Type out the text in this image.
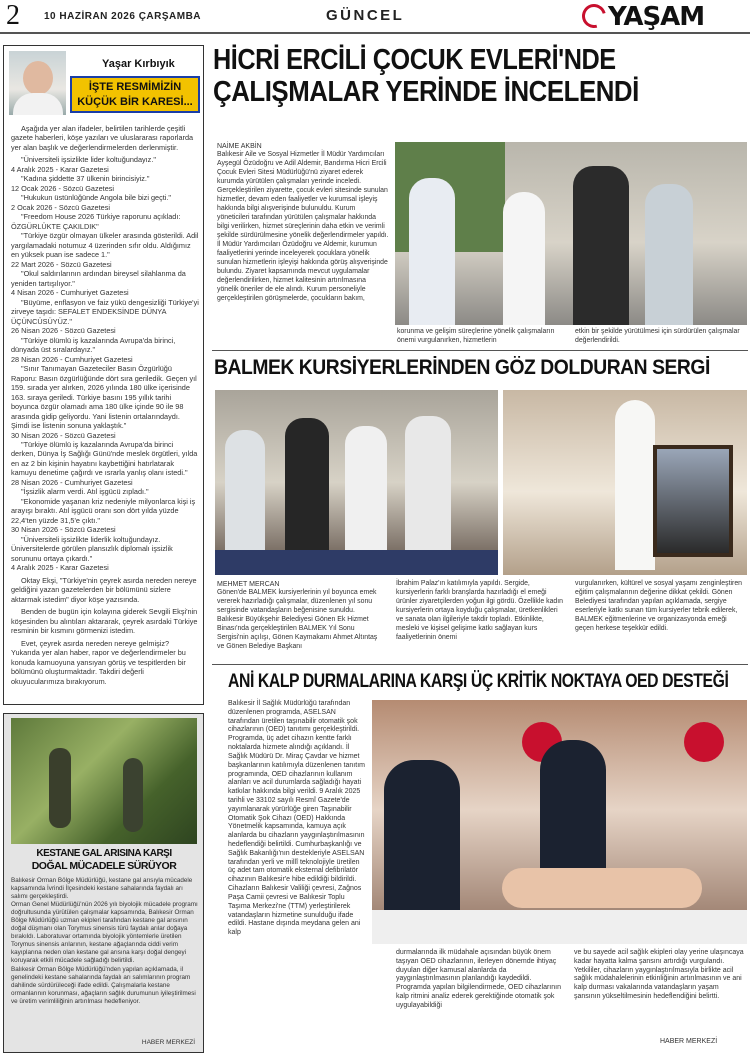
2 10 HAZİRAN 2026 ÇARŞAMBA	GÜNCEL	YAŞAM
Yaşar Kırbıyık
İŞTE RESMİMİZİN
KÜÇÜK BİR KARESİ...

Aşağıda yer alan ifadeler, belirtilen tarihlerde çeşitli gazete haberleri, köşe yazıları ve uluslararası raporlarda yer alan başlık ve değerlendirmelerden derlenmiştir.

"Üniversiteli işsizlikte lider koltuğundayız."

4 Aralık 2025 - Karar Gazetesi

"Kadına şiddette 37 ülkenin birincisiyiz."

12 Ocak 2026 - Sözcü Gazetesi

"Hukukun üstünlüğünde Angola bile bizi geçti."

2 Ocak 2026 - Sözcü Gazetesi

"Freedom House 2026 Türkiye raporunu açıkladı: ÖZGÜRLÜKTE ÇAKILDIK"

"Türkiye özgür olmayan ülkeler arasında gösterildi. Adil yargılamadaki notumuz 4 üzerinden sıfır oldu. Aldığımız en yüksek puan ise sadece 1."

22 Mart 2026 - Sözcü Gazetesi

"Okul saldırılarının ardından bireysel silahlanma da yeniden tartışılıyor."

4 Nisan 2026 - Cumhuriyet Gazetesi

"Büyüme, enflasyon ve faiz yükü dengesizliği Türkiye'yi zirveye taşıdı: SEFALET ENDEKSİNDE DÜNYA ÜÇÜNCÜSÜYÜZ."

26 Nisan 2026 - Sözcü Gazetesi

"Türkiye ölümlü iş kazalarında Avrupa'da birinci, dünyada üst sıralardayız."

28 Nisan 2026 - Cumhuriyet Gazetesi

"Sınır Tanımayan Gazeteciler Basın Özgürlüğü Raporu: Basın özgürlüğünde dört sıra geriledik. Geçen yıl 159. sırada yer alırken, 2026 yılında 180 ülke içerisinde 163. sıraya geriledi. Türkiye basını 195 yıllık tarihi boyunca özgür olamadı ama 180 ülke içinde 90 ile 98 arasında gidip geliyordu. Yani listenin ortalarındaydı. Şimdi ise listenin sonuna yaklaştık."

30 Nisan 2026 - Sözcü Gazetesi

"Türkiye ölümlü iş kazalarında Avrupa'da birinci derken, Dünya İş Sağlığı Günü'nde meslek örgütleri, yılda en az 2 bin kişinin hayatını kaybettiğini hatırlatarak kamuyu denetime çağırdı ve ısrarla yanlış olanı istedi."

28 Nisan 2026 - Cumhuriyet Gazetesi

"İşsizlik alarm verdi. Atıl işgücü zıpladı."

"Ekonomide yaşanan kriz nedeniyle milyonlarca kişi iş arayışı bıraktı. Atıl işgücü oranı son dört yılda yüzde 22,4'ten yüzde 31,5'e çıktı."

30 Nisan 2026 - Sözcü Gazetesi

"Üniversiteli işsizlikte liderlik koltuğundayız. Üniversitelerde görülen plansızlık diplomalı işsizlik sorununu ortaya çıkardı."

4 Aralık 2025 - Karar Gazetesi

Oktay Ekşi, "Türkiye'nin çeyrek asırda nereden nereye geldiğini yazan gazetelerden bir bölümünü sizlere aktarmak istedim" diyor köşe yazısında.

Benden de bugün için kolayına giderek Sevgili Ekşi'nin köşesinden bu alıntıları aktararak, çeyrek asırdaki Türkiye resminin bir kısmını görmenizi istedim.

Evet, çeyrek asırda nereden nereye gelmişiz? Yukarıda yer alan haber, rapor ve değerlendirmeler bu konuda kamuoyuna yansıyan görüş ve tespitlerden bir bölümünü oluşturmaktadır. Takdiri değerli okuyucularımıza bırakıyorum.

KESTANE GAL ARISINA KARŞI
DOĞAL MÜCADELE SÜRÜYOR

Balıkesir Orman Bölge Müdürlüğü, kestane gal arısıyla mücadele kapsamında İvrindi İlçesindeki kestane sahalarında faydalı arı salımı gerçekleştirdi.

Orman Genel Müdürlüğü'nün 2026 yılı biyolojik mücadele programı doğrultusunda yürütülen çalışmalar kapsamında, Balıkesir Orman Bölge Müdürlüğü uzman ekipleri tarafından kestane gal arısının doğal düşmanı olan Torymus sinensis türü faydalı arılar doğaya bırakıldı. Laboratuvar ortamında biyolojik yöntemlerle üretilen Torymus sinensis arılarının, kestane ağaçlarında ciddi verim kayıplarına neden olan kestane gal arısına karşı doğal dengeyi koruyarak etkili mücadele sağladığı belirtildi.

Balıkesir Orman Bölge Müdürlüğü'nden yapılan açıklamada, il genelindeki kestane sahalarında faydalı arı salımlarının program dahilinde sürdürüleceği ifade edildi. Çalışmalarla kestane ormanlarının korunması, ağaçların sağlık durumunun iyileştirilmesi ve üretim verimliliğinin artırılması hedefleniyor.

HABER MERKEZİ
HİCRİ ERCİLİ ÇOCUK EVLERİ'NDE
ÇALIŞMALAR YERİNDE İNCELENDİ

NAİME AKBİN

Balıkesir Aile ve Sosyal Hizmetler İl Müdür Yardımcıları Ayşegül Özüdoğru ve Adil Aldemir, Bandırma Hicri Ercili Çocuk Evleri Sitesi Müdürlüğü'nü ziyaret ederek kurumda yürütülen çalışmaları yerinde inceledi. Gerçekleştirilen ziyarette, çocuk evleri sitesinde sunulan hizmetler, devam eden faaliyetler ve kurumsal işleyiş hakkında bilgi alışverişinde bulunuldu. Kurum yöneticileri tarafından yürütülen çalışmalar hakkında bilgi verilirken, hizmet süreçlerinin daha etkin ve verimli şekilde sürdürülmesine yönelik değerlendirmeler yapıldı. İl Müdür Yardımcıları Özüdoğru ve Aldemir, kurumun faaliyetlerini yerinde inceleyerek çocuklara yönelik sunulan hizmetlerin işleyişi hakkında görüş alışverişinde bulundu. Ziyaret kapsamında mevcut uygulamalar değerlendirilirken, hizmet kalitesinin artırılmasına yönelik öneriler de ele alındı. Kurum personeliyle gerçekleştirilen görüşmelerde, çocukların bakım,

korunma ve gelişim süreçlerine yönelik çalışmaların önemi vurgulanırken, hizmetlerin

etkin bir şekilde yürütülmesi için sürdürülen çalışmalar değerlendirildi.

BALMEK KURSİYERLERİNDEN GÖZ DOLDURAN SERGİ

MEHMET MERCAN

Gönen'de BALMEK kursiyerlerinin yıl boyunca emek vererek hazırladığı çalışmalar, düzenlenen yıl sonu sergisinde vatandaşların beğenisine sunuldu. Balıkesir Büyükşehir Belediyesi Gönen Ek Hizmet Binası'nda gerçekleştirilen BALMEK Yıl Sonu Sergisi'nin açılışı, Gönen Kaymakamı Ahmet Altıntaş ve Gönen Belediye Başkanı

İbrahim Palaz'ın katılımıyla yapıldı. Sergide, kursiyerlerin farklı branşlarda hazırladığı el emeği ürünler ziyaretçilerden yoğun ilgi gördü. Özellikle kadın kursiyerlerin ortaya koyduğu çalışmalar, üretkenlikleri ve sanata olan ilgileriyle takdir topladı. Etkinlikte, mesleki ve kişisel gelişime katkı sağlayan kurs faaliyetlerinin önemi

vurgulanırken, kültürel ve sosyal yaşamı zenginleştiren eğitim çalışmalarının değerine dikkat çekildi. Gönen Belediyesi tarafından yapılan açıklamada, sergiye eserleriyle katkı sunan tüm kursiyerler tebrik edilerek, BALMEK eğitmenlerine ve organizasyonda emeği geçen herkese teşekkür edildi.

ANİ KALP DURMALARINA KARŞI ÜÇ KRİTİK NOKTAYA OED DESTEĞİ

Balıkesir İl Sağlık Müdürlüğü tarafından düzenlenen programda, ASELSAN tarafından üretilen taşınabilir otomatik şok cihazlarının (OED) tanıtımı gerçekleştirildi. Programda, üç adet cihazın kentte farklı noktalarda hizmete alındığı açıklandı. İl Sağlık Müdürü Dr. Miraç Çavdar ve hizmet başkanlarının katılımıyla düzenlenen tanıtım programında, OED cihazlarının kullanım alanları ve acil durumlarda sağladığı hayati katkılar hakkında bilgi verildi. 9 Aralık 2025 tarihli ve 33102 sayılı Resmî Gazete'de yayımlanarak yürürlüğe giren Taşınabilir Otomatik Şok Cihazı (OED) Hakkında Yönetmelik kapsamında, kamuya açık alanlarda bu cihazların yaygınlaştırılmasının hedeflendiği belirtildi. Cumhurbaşkanlığı ve Sağlık Bakanlığı'nın destekleriyle ASELSAN tarafından yerli ve millî teknolojiyle üretilen üç adet tam otomatik eksternal defibrilatör cihazının Balıkesir'e hibe edildiği bildirildi. Cihazların Balıkesir Valiliği çevresi, Zağnos Paşa Camii çevresi ve Balıkesir Toplu Taşıma Merkezi'ne (TTM) yerleştirilerek vatandaşların hizmetine sunulduğu ifade edildi. Hastane dışında meydana gelen ani kalp

durmalarında ilk müdahale açısından büyük önem taşıyan OED cihazlarının, ilerleyen dönemde ihtiyaç duyulan diğer kamusal alanlarda da yaygınlaştırılmasının planlandığı kaydedildi. Programda yapılan bilgilendirmede, OED cihazlarının kalp ritmini analiz ederek gerektiğinde otomatik şok uygulayabildiği

ve bu sayede acil sağlık ekipleri olay yerine ulaşıncaya kadar hayatta kalma şansını artırdığı vurgulandı. Yetkililer, cihazların yaygınlaştırılmasıyla birlikte acil sağlık müdahalelerinin etkinliğinin artırılmasının ve ani kalp durması vakalarında vatandaşların yaşam şansının yükseltilmesinin hedeflendiğini belirtti.

HABER MERKEZİ
